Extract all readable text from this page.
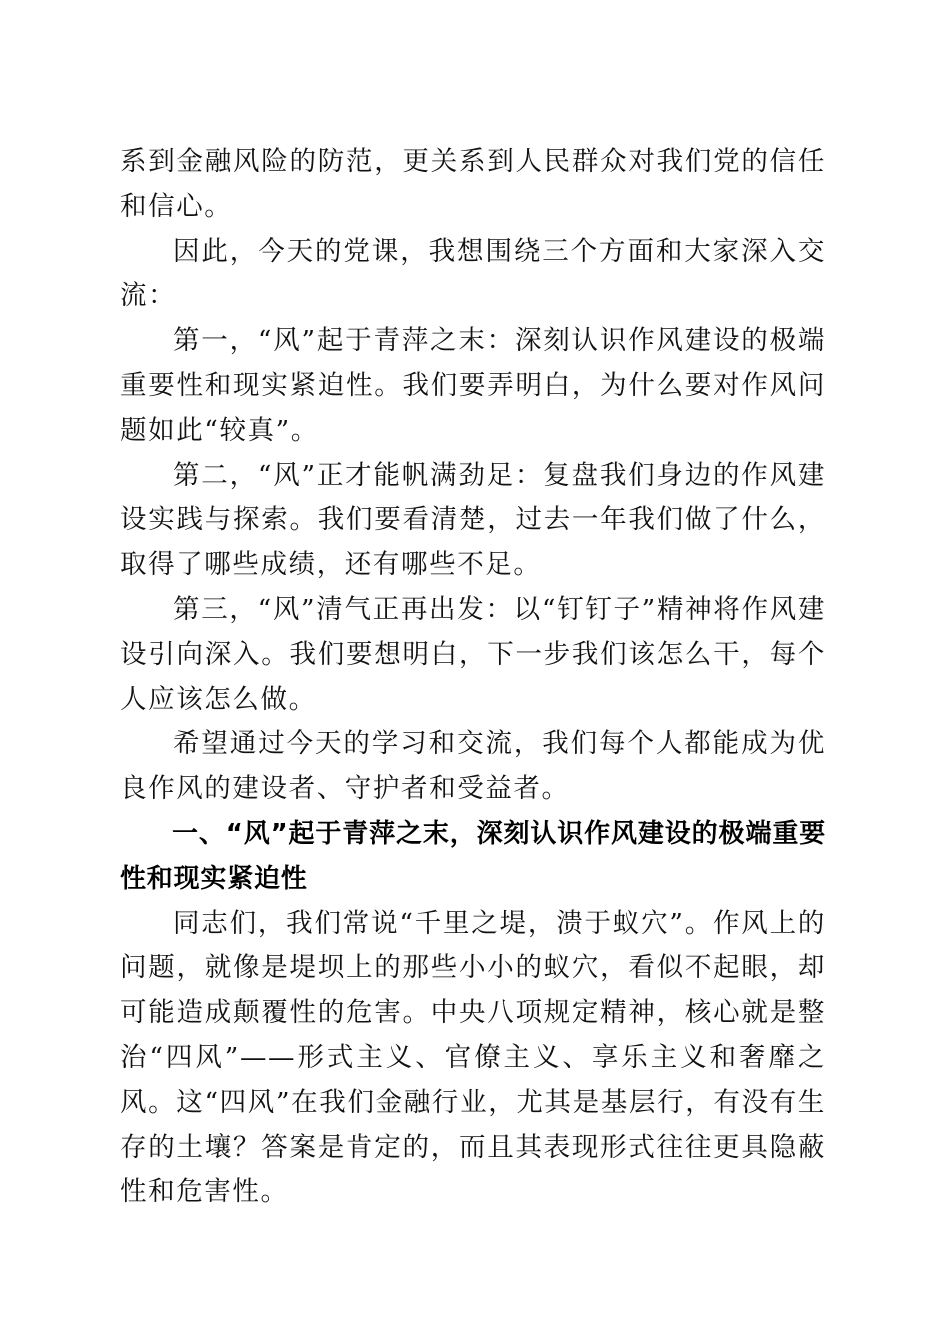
系到金融风险的防范，更关系到人民群众对我们党的信任和信心。

因此，今天的党课，我想围绕三个方面和大家深入交流：

第一，“风”起于青萍之末：深刻认识作风建设的极端重要性和现实紧迫性。我们要弄明白，为什么要对作风问题如此“较真”。

第二，“风”正才能帆满劲足：复盘我们身边的作风建设实践与探索。我们要看清楚，过去一年我们做了什么，取得了哪些成绩，还有哪些不足。

第三，“风”清气正再出发：以“钉钉子”精神将作风建设引向深入。我们要想明白，下一步我们该怎么干，每个人应该怎么做。

希望通过今天的学习和交流，我们每个人都能成为优良作风的建设者、守护者和受益者。

一、“风”起于青萍之末，深刻认识作风建设的极端重要性和现实紧迫性

同志们，我们常说“千里之堤，溃于蚁穴”。作风上的问题，就像是堤坝上的那些小小的蚁穴，看似不起眼，却可能造成颠覆性的危害。中央八项规定精神，核心就是整治“四风”——形式主义、官僚主义、享乐主义和奢靡之风。这“四风”在我们金融行业，尤其是基层行，有没有生存的土壤？答案是肯定的，而且其表现形式往往更具隐蔽性和危害性。
